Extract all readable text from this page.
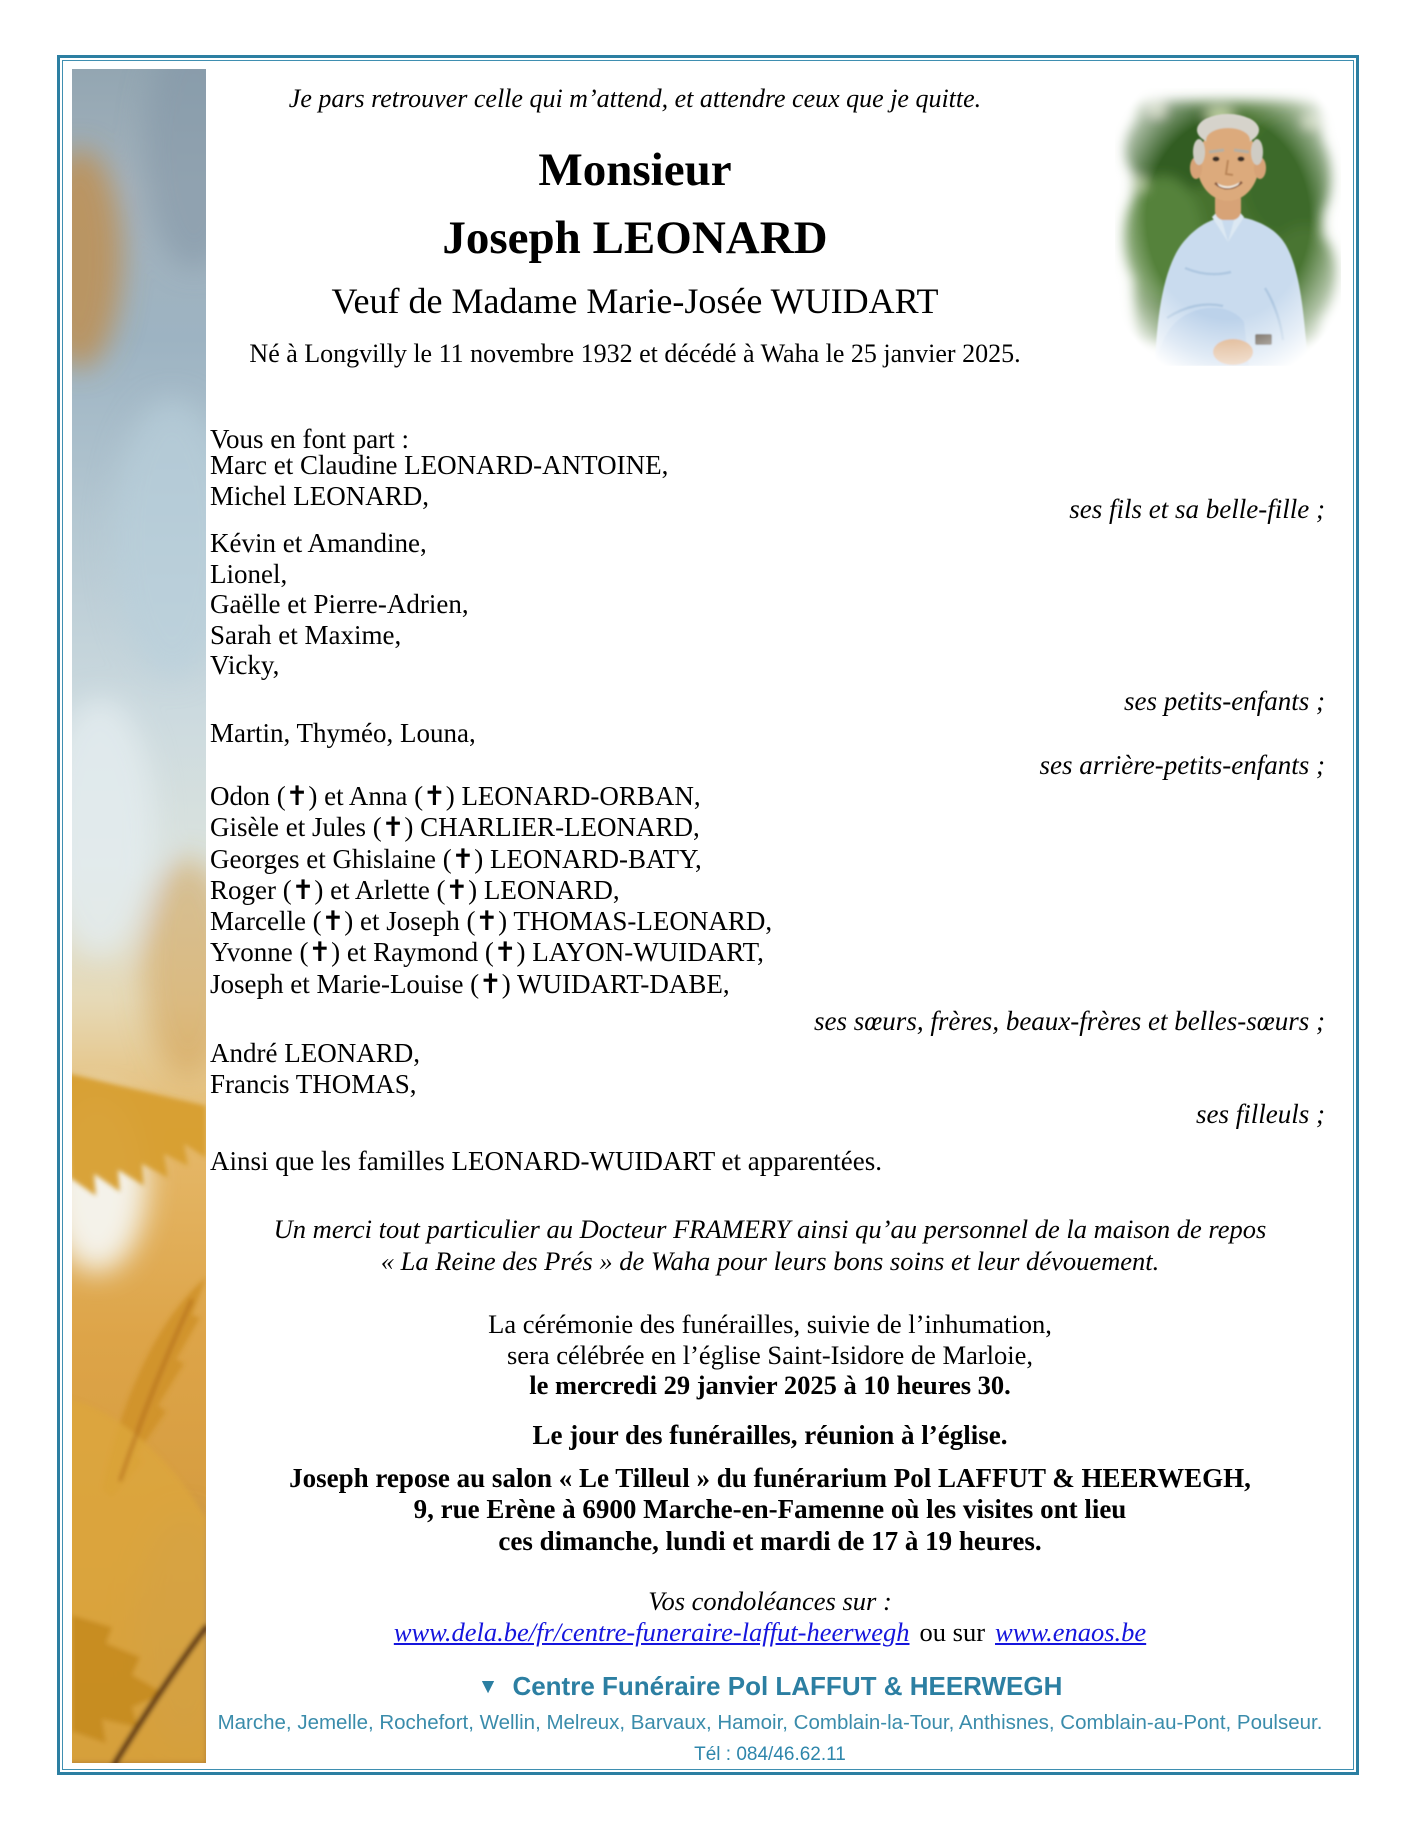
Je pars retrouver celle qui m’attend, et attendre ceux que je quitte.
Monsieur
Joseph LEONARD
Veuf de Madame Marie-Josée WUIDART
Né à Longvilly le 11 novembre 1932 et décédé à Waha le 25 janvier 2025.
Vous en font part :
Marc et Claudine LEONARD-ANTOINE,
Michel LEONARD,	ses fils et sa belle-fille ;
Kévin et Amandine,
Lionel,
Gaëlle et Pierre-Adrien,
Sarah et Maxime,
Vicky,
ses petits-enfants ;
Martin, Thyméo, Louna,
ses arrière-petits-enfants ;
Odon (✝) et Anna (✝) LEONARD-ORBAN,
Gisèle et Jules (✝) CHARLIER-LEONARD,
Georges et Ghislaine (✝) LEONARD-BATY,
Roger (✝) et Arlette (✝) LEONARD,
Marcelle (✝) et Joseph (✝) THOMAS-LEONARD,
Yvonne (✝) et Raymond (✝) LAYON-WUIDART,
Joseph et Marie-Louise (✝) WUIDART-DABE,
ses sœurs, frères, beaux-frères et belles-sœurs ;
André LEONARD,
Francis THOMAS,
ses filleuls ;
Ainsi que les familles LEONARD-WUIDART et apparentées.
Un merci tout particulier au Docteur FRAMERY ainsi qu’au personnel de la maison de repos
« La Reine des Prés » de Waha pour leurs bons soins et leur dévouement.
La cérémonie des funérailles, suivie de l’inhumation,
sera célébrée en l’église Saint-Isidore de Marloie,
le mercredi 29 janvier 2025 à 10 heures 30.
Le jour des funérailles, réunion à l’église.
Joseph repose au salon « Le Tilleul » du funérarium Pol LAFFUT & HEERWEGH,
9, rue Erène à 6900 Marche-en-Famenne où les visites ont lieu
ces dimanche, lundi et mardi de 17 à 19 heures.
Vos condoléances sur :
www.dela.be/fr/centre-funeraire-laffut-heerwegh ou sur www.enaos.be
▼ Centre Funéraire Pol LAFFUT & HEERWEGH
Marche, Jemelle, Rochefort, Wellin, Melreux, Barvaux, Hamoir, Comblain-la-Tour, Anthisnes, Comblain-au-Pont, Poulseur.
Tél : 084/46.62.11
